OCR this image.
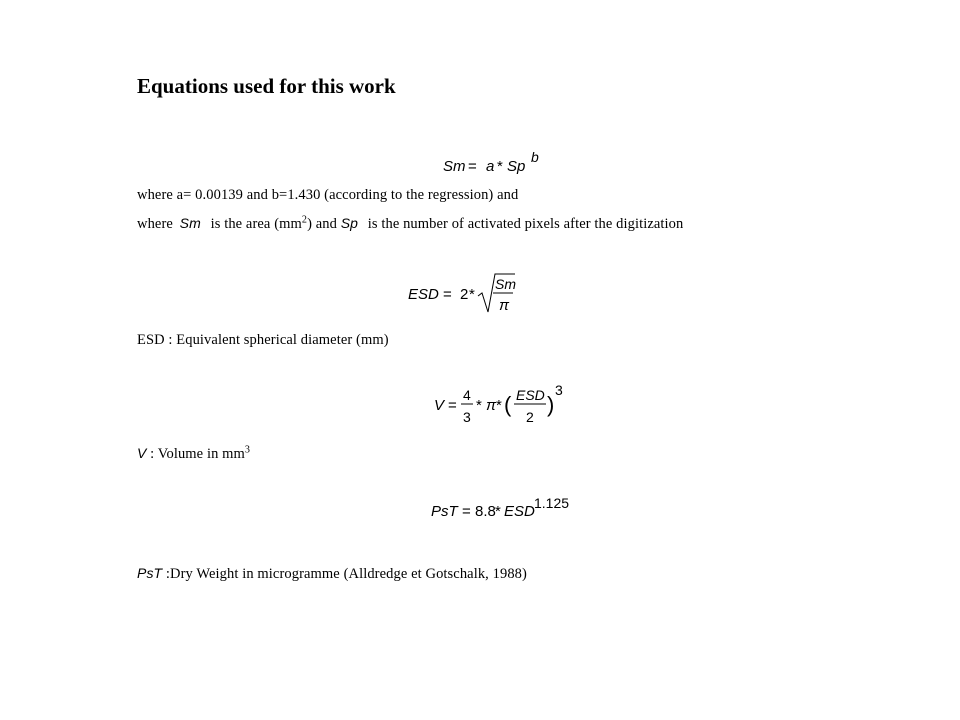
Equations used for this work
Sm = a * Sp
b
where a= 0.00139 and b=1.430 (according to the regression) and
where Sm is the area $(mm^2)$ and Sp is the number of activated pixels after the digitization
ESD = 2 *
Sm
π
ESD : Equivalent spherical diameter (mm)
V =
4
3
* π * ( ESD
2 )
3
V : Volume in $mm^3$
PsT = 8.8 * ESD 1.125
PsT :Dry Weight in microgramme (Alldredge et Gotschalk, 1988)
